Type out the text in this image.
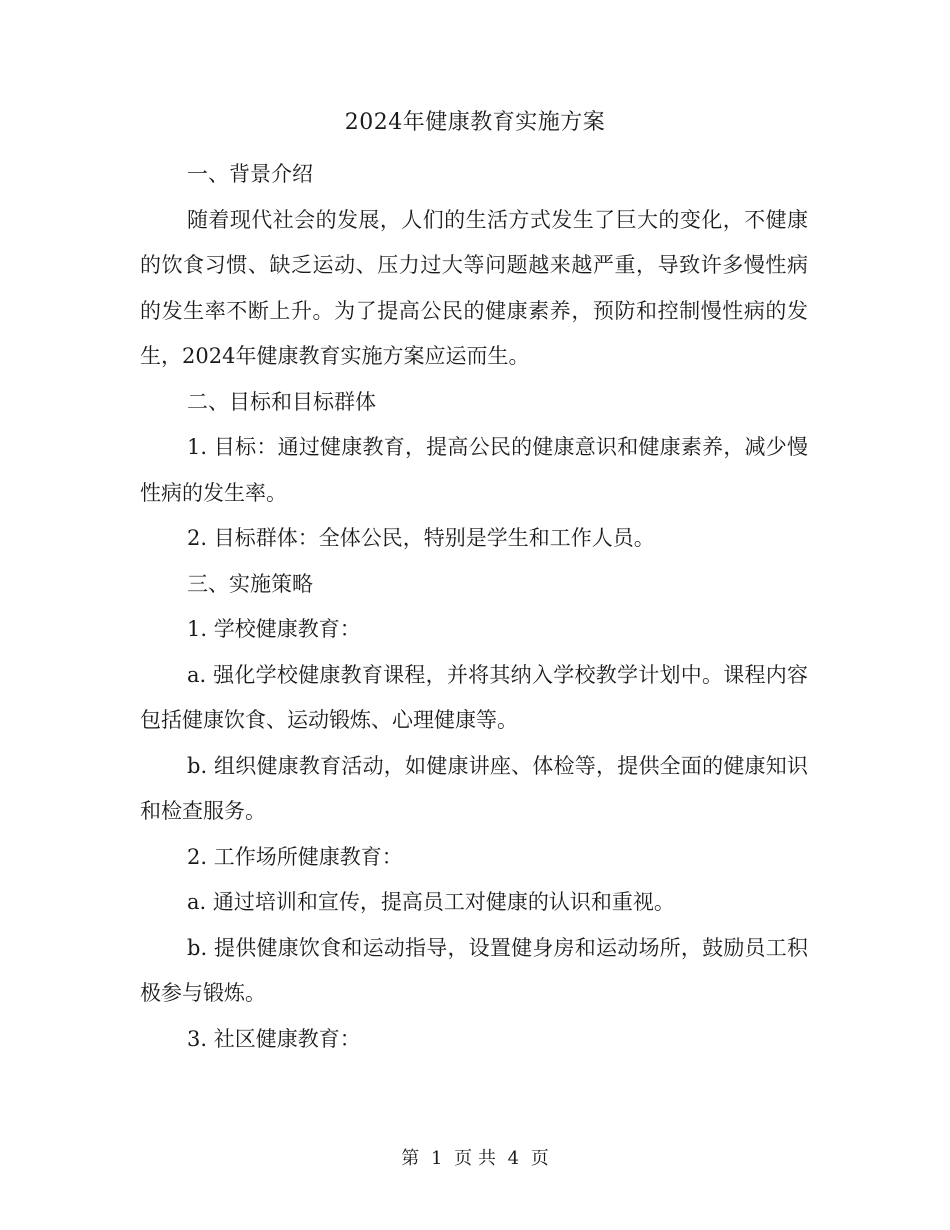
2024年健康教育实施方案

一、背景介绍

随着现代社会的发展，人们的生活方式发生了巨大的变化，不健康的饮食习惯、缺乏运动、压力过大等问题越来越严重，导致许多慢性病的发生率不断上升。为了提高公民的健康素养，预防和控制慢性病的发生，2024年健康教育实施方案应运而生。

二、目标和目标群体

1. 目标：通过健康教育，提高公民的健康意识和健康素养，减少慢性病的发生率。

2. 目标群体：全体公民，特别是学生和工作人员。

三、实施策略

1. 学校健康教育：

a. 强化学校健康教育课程，并将其纳入学校教学计划中。课程内容包括健康饮食、运动锻炼、心理健康等。

b. 组织健康教育活动，如健康讲座、体检等，提供全面的健康知识和检查服务。

2. 工作场所健康教育：

a. 通过培训和宣传，提高员工对健康的认识和重视。

b. 提供健康饮食和运动指导，设置健身房和运动场所，鼓励员工积极参与锻炼。

3. 社区健康教育：

第 1 页 共 4 页
